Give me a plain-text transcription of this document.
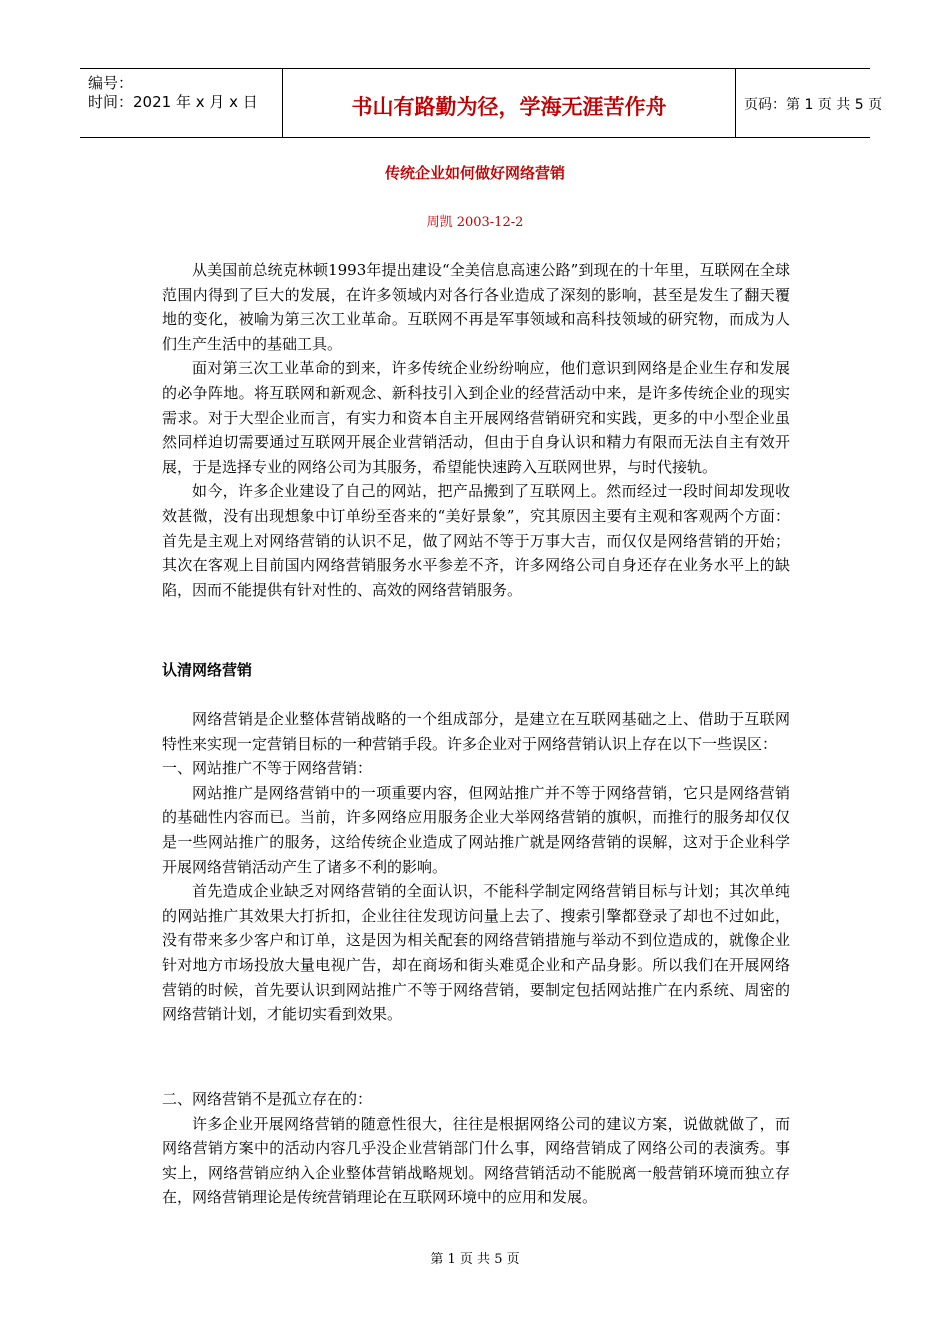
编号：
时间：2021 年 x 月 x 日	书山有路勤为径，学海无涯苦作舟	页码：第 1 页 共 5 页
传统企业如何做好网络营销
周凯 2003-12-2

从美国前总统克林顿1993年提出建设“全美信息高速公路”到现在的十年里，互联网在全球范围内得到了巨大的发展，在许多领域内对各行各业造成了深刻的影响，甚至是发生了翻天覆地的变化，被喻为第三次工业革命。互联网不再是军事领域和高科技领域的研究物，而成为人们生产生活中的基础工具。

面对第三次工业革命的到来，许多传统企业纷纷响应，他们意识到网络是企业生存和发展的必争阵地。将互联网和新观念、新科技引入到企业的经营活动中来，是许多传统企业的现实需求。对于大型企业而言，有实力和资本自主开展网络营销研究和实践，更多的中小型企业虽然同样迫切需要通过互联网开展企业营销活动，但由于自身认识和精力有限而无法自主有效开展，于是选择专业的网络公司为其服务，希望能快速跨入互联网世界，与时代接轨。

如今，许多企业建设了自己的网站，把产品搬到了互联网上。然而经过一段时间却发现收效甚微，没有出现想象中订单纷至沓来的“美好景象”，究其原因主要有主观和客观两个方面：首先是主观上对网络营销的认识不足，做了网站不等于万事大吉，而仅仅是网络营销的开始；其次在客观上目前国内网络营销服务水平参差不齐，许多网络公司自身还存在业务水平上的缺陷，因而不能提供有针对性的、高效的网络营销服务。

认清网络营销

网络营销是企业整体营销战略的一个组成部分，是建立在互联网基础之上、借助于互联网特性来实现一定营销目标的一种营销手段。许多企业对于网络营销认识上存在以下一些误区：

一、网站推广不等于网络营销：

网站推广是网络营销中的一项重要内容，但网站推广并不等于网络营销，它只是网络营销的基础性内容而已。当前，许多网络应用服务企业大举网络营销的旗帜，而推行的服务却仅仅是一些网站推广的服务，这给传统企业造成了网站推广就是网络营销的误解，这对于企业科学开展网络营销活动产生了诸多不利的影响。

首先造成企业缺乏对网络营销的全面认识，不能科学制定网络营销目标与计划；其次单纯的网站推广其效果大打折扣，企业往往发现访问量上去了、搜索引擎都登录了却也不过如此，没有带来多少客户和订单，这是因为相关配套的网络营销措施与举动不到位造成的，就像企业针对地方市场投放大量电视广告，却在商场和街头难觅企业和产品身影。所以我们在开展网络营销的时候，首先要认识到网站推广不等于网络营销，要制定包括网站推广在内系统、周密的网络营销计划，才能切实看到效果。

二、网络营销不是孤立存在的：

许多企业开展网络营销的随意性很大，往往是根据网络公司的建议方案，说做就做了，而网络营销方案中的活动内容几乎没企业营销部门什么事，网络营销成了网络公司的表演秀。事实上，网络营销应纳入企业整体营销战略规划。网络营销活动不能脱离一般营销环境而独立存在，网络营销理论是传统营销理论在互联网环境中的应用和发展。

第 1 页 共 5 页
